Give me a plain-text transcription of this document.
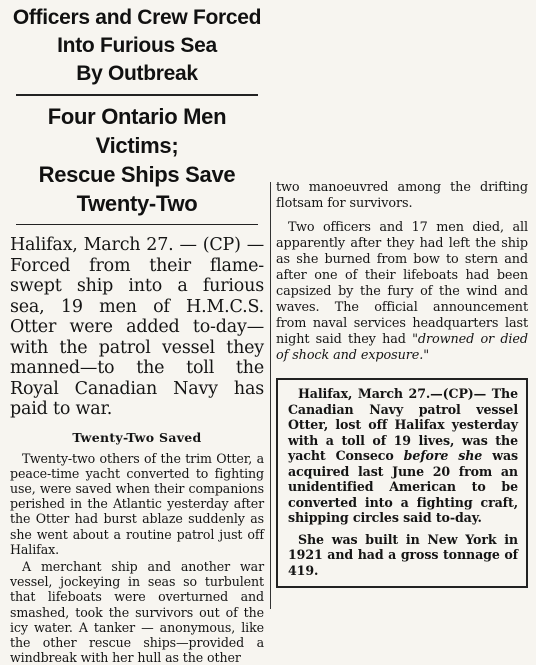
Officers and Crew Forced
Into Furious Sea
By Outbreak
Four Ontario Men Victims;
Rescue Ships Save
Twenty-Two

Halifax, March 27. — (CP) — Forced from their flame-swept ship into a furious sea, 19 men of H.M.C.S. Otter were added to-day—with the patrol vessel they manned—to the toll the Royal Canadian Navy has paid to war.

Twenty-Two Saved

Twenty-two others of the trim Otter, a peace-time yacht converted to fighting use, were saved when their companions perished in the Atlantic yesterday after the Otter had burst ablaze suddenly as she went about a routine patrol just off Halifax.

A merchant ship and another war vessel, jockeying in seas so turbulent that lifeboats were overturned and smashed, took the survivors out of the icy water. A tanker — anonymous, like the other rescue ships—provided a windbreak with her hull as the other

two manoeuvred among the drifting flotsam for survivors.

Two officers and 17 men died, all apparently after they had left the ship as she burned from bow to stern and after one of their lifeboats had been capsized by the fury of the wind and waves. The official announcement from naval services headquarters last night said they had "drowned or died of shock and exposure."

Halifax, March 27.—(CP)— The Canadian Navy patrol vessel Otter, lost off Halifax yesterday with a toll of 19 lives, was the yacht Conseco before she was acquired last June 20 from an unidentified American to be converted into a fighting craft, shipping circles said to-day.

She was built in New York in 1921 and had a gross tonnage of 419.
